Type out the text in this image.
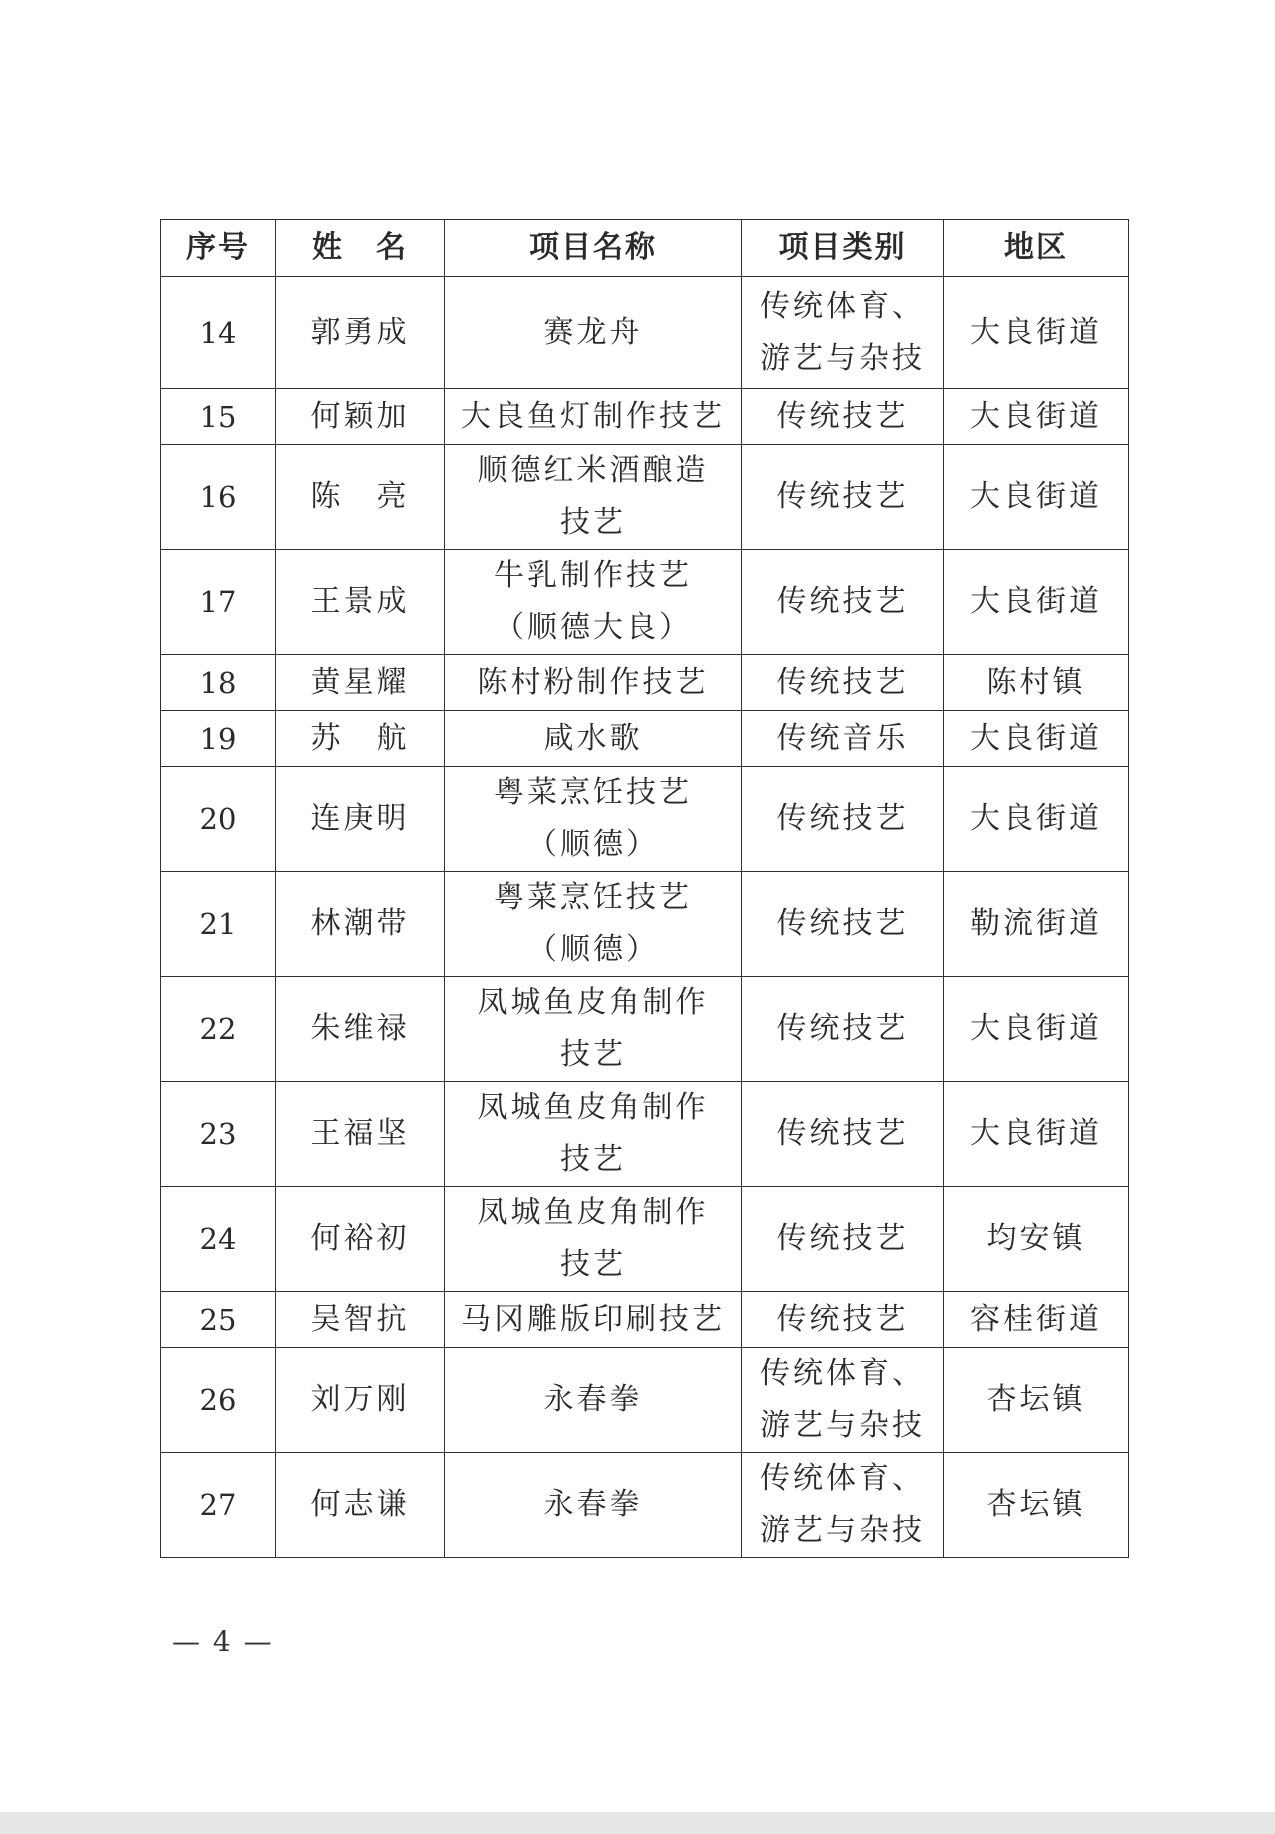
序号	姓　名	项目名称	项目类别	地区
14	郭勇成	赛龙舟	传统体育、
游艺与杂技	大良街道
15	何颖加	大良鱼灯制作技艺	传统技艺	大良街道
16	陈　亮	顺德红米酒酿造
技艺	传统技艺	大良街道
17	王景成	牛乳制作技艺
（顺德大良）	传统技艺	大良街道
18	黄星耀	陈村粉制作技艺	传统技艺	陈村镇
19	苏　航	咸水歌	传统音乐	大良街道
20	连庚明	粤菜烹饪技艺
（顺德）	传统技艺	大良街道
21	林潮带	粤菜烹饪技艺
（顺德）	传统技艺	勒流街道
22	朱维禄	凤城鱼皮角制作
技艺	传统技艺	大良街道
23	王福坚	凤城鱼皮角制作
技艺	传统技艺	大良街道
24	何裕初	凤城鱼皮角制作
技艺	传统技艺	均安镇
25	吴智抗	马冈雕版印刷技艺	传统技艺	容桂街道
26	刘万刚	永春拳	传统体育、
游艺与杂技	杏坛镇
27	何志谦	永春拳	传统体育、
游艺与杂技	杏坛镇
— 4 —
